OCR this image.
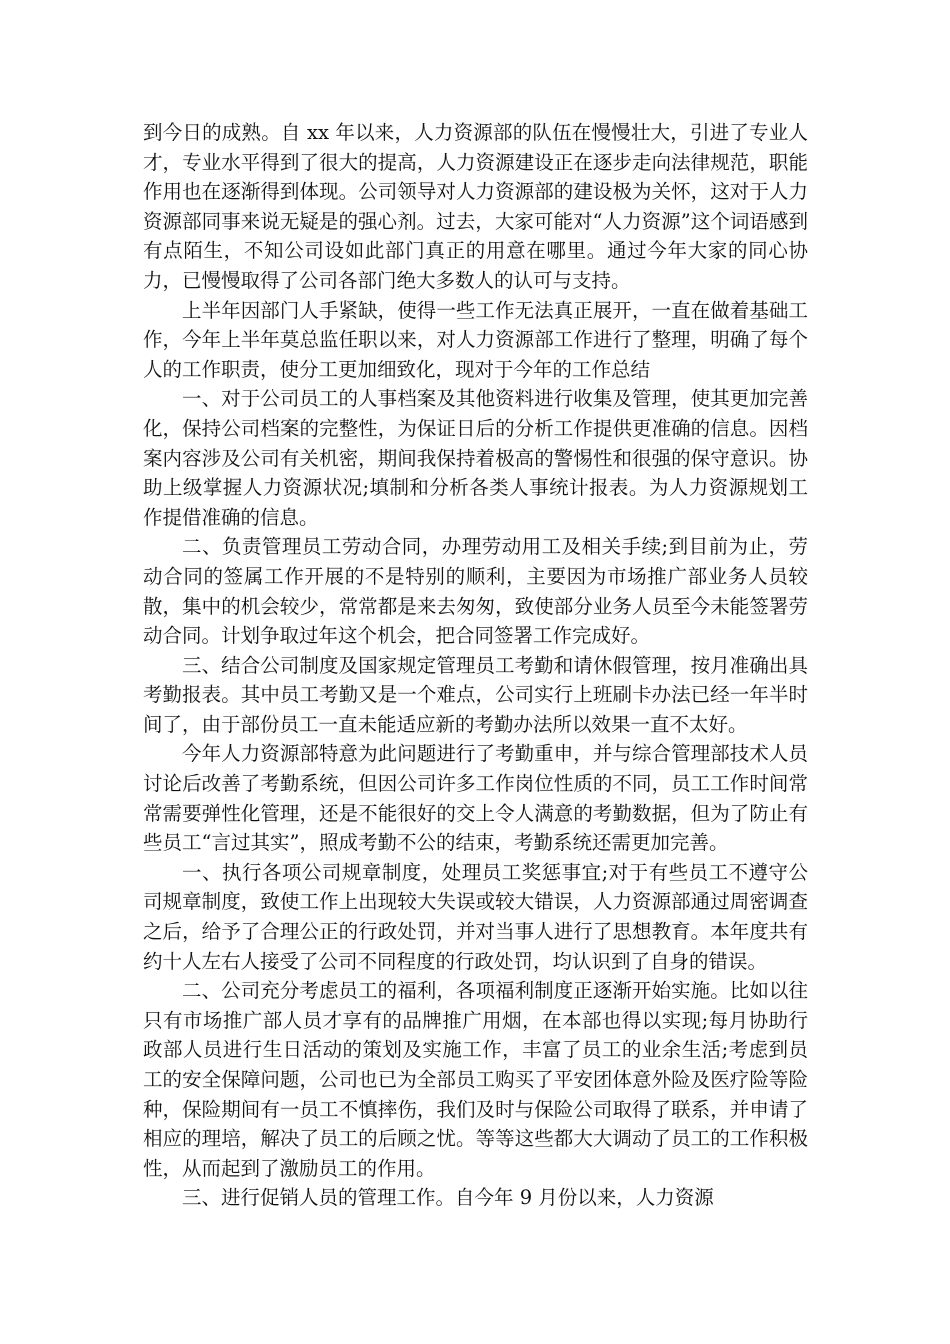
到今日的成熟。自 xx 年以来，人力资源部的队伍在慢慢壮大，引进了专业人才，专业水平得到了很大的提高，人力资源建设正在逐步走向法律规范，职能作用也在逐渐得到体现。公司领导对人力资源部的建设极为关怀，这对于人力资源部同事来说无疑是的强心剂。过去，大家可能对“人力资源”这个词语感到有点陌生，不知公司设如此部门真正的用意在哪里。通过今年大家的同心协力，已慢慢取得了公司各部门绝大多数人的认可与支持。

上半年因部门人手紧缺，使得一些工作无法真正展开，一直在做着基础工作，今年上半年莫总监任职以来，对人力资源部工作进行了整理，明确了每个人的工作职责，使分工更加细致化，现对于今年的工作总结

一、对于公司员工的人事档案及其他资料进行收集及管理，使其更加完善化，保持公司档案的完整性，为保证日后的分析工作提供更准确的信息。因档案内容涉及公司有关机密，期间我保持着极高的警惕性和很强的保守意识。协助上级掌握人力资源状况;填制和分析各类人事统计报表。为人力资源规划工作提借准确的信息。

二、负责管理员工劳动合同，办理劳动用工及相关手续;到目前为止，劳动合同的签属工作开展的不是特别的顺利，主要因为市场推广部业务人员较散，集中的机会较少，常常都是来去匆匆，致使部分业务人员至今未能签署劳动合同。计划争取过年这个机会，把合同签署工作完成好。

三、结合公司制度及国家规定管理员工考勤和请休假管理，按月准确出具考勤报表。其中员工考勤又是一个难点，公司实行上班刷卡办法已经一年半时间了，由于部份员工一直未能适应新的考勤办法所以效果一直不太好。

今年人力资源部特意为此问题进行了考勤重申，并与综合管理部技术人员讨论后改善了考勤系统，但因公司许多工作岗位性质的不同，员工工作时间常常需要弹性化管理，还是不能很好的交上令人满意的考勤数据，但为了防止有些员工“言过其实”，照成考勤不公的结束，考勤系统还需更加完善。

一、执行各项公司规章制度，处理员工奖惩事宜;对于有些员工不遵守公司规章制度，致使工作上出现较大失误或较大错误，人力资源部通过周密调查之后，给予了合理公正的行政处罚，并对当事人进行了思想教育。本年度共有约十人左右人接受了公司不同程度的行政处罚，均认识到了自身的错误。

二、公司充分考虑员工的福利，各项福利制度正逐渐开始实施。比如以往只有市场推广部人员才享有的品牌推广用烟，在本部也得以实现;每月协助行政部人员进行生日活动的策划及实施工作，丰富了员工的业余生活;考虑到员工的安全保障问题，公司也已为全部员工购买了平安团体意外险及医疗险等险种，保险期间有一员工不慎摔伤，我们及时与保险公司取得了联系，并申请了相应的理培，解决了员工的后顾之忧。等等这些都大大调动了员工的工作积极性，从而起到了激励员工的作用。

三、进行促销人员的管理工作。自今年 9 月份以来，人力资源
